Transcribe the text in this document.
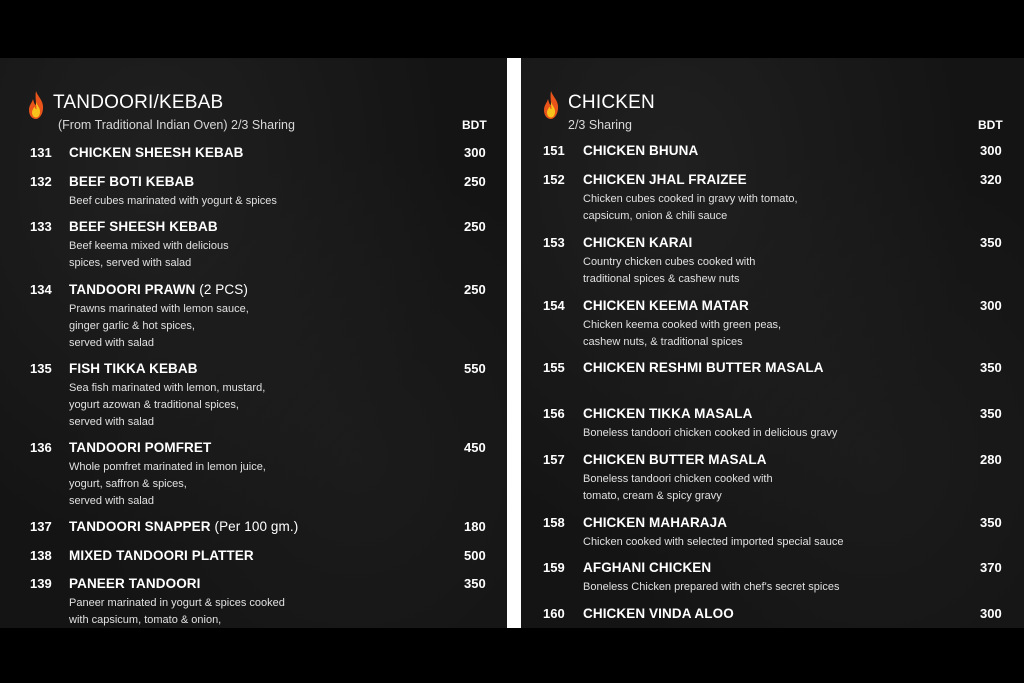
TANDOORI/KEBAB
(From Traditional Indian Oven) 2/3 Sharing	BDT
131 CHICKEN SHEESH KEBAB	300
132 BEEF BOTI KEBAB	250
Beef cubes marinated with yogurt & spices
133 BEEF SHEESH KEBAB	250
Beef keema mixed with delicious
spices, served with salad
134 TANDOORI PRAWN (2 PCS)	250
Prawns marinated with lemon sauce,
ginger garlic & hot spices,
served with salad
135 FISH TIKKA KEBAB	550
Sea fish marinated with lemon, mustard,
yogurt azowan & traditional spices,
served with salad
136 TANDOORI POMFRET	450
Whole pomfret marinated in lemon juice,
yogurt, saffron & spices,
served with salad
137 TANDOORI SNAPPER (Per 100 gm.)	180
138 MIXED TANDOORI PLATTER	500
139 PANEER TANDOORI	350
Paneer marinated in yogurt & spices cooked
with capsicum, tomato & onion,
CHICKEN
2/3 Sharing	BDT
151 CHICKEN BHUNA	300
152 CHICKEN JHAL FRAIZEE	320
Chicken cubes cooked in gravy with tomato,
capsicum, onion & chili sauce
153 CHICKEN KARAI	350
Country chicken cubes cooked with
traditional spices & cashew nuts
154 CHICKEN KEEMA MATAR	300
Chicken keema cooked with green peas,
cashew nuts, & traditional spices
155 CHICKEN RESHMI BUTTER MASALA	350
156 CHICKEN TIKKA MASALA	350
Boneless tandoori chicken cooked in delicious gravy
157 CHICKEN BUTTER MASALA	280
Boneless tandoori chicken cooked with
tomato, cream & spicy gravy
158 CHICKEN MAHARAJA	350
Chicken cooked with selected imported special sauce
159 AFGHANI CHICKEN	370
Boneless Chicken prepared with chef's secret spices
160 CHICKEN VINDA ALOO	300
